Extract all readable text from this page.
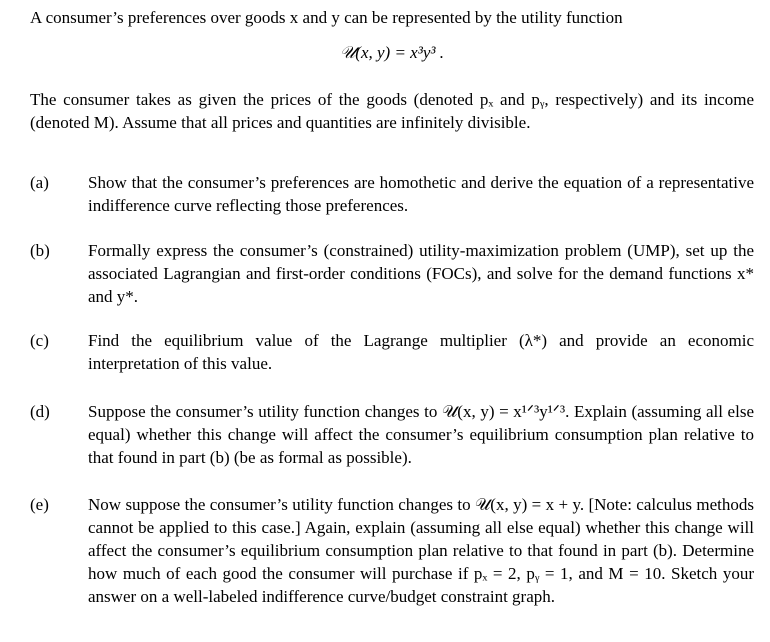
A consumer’s preferences over goods x and y can be represented by the utility function

𝒰(x, y) = x³y³ .

The consumer takes as given the prices of the goods (denoted pₓ and pᵧ, respectively) and its income (denoted M). Assume that all prices and quantities are infinitely divisible.

(a)	Show that the consumer’s preferences are homothetic and derive the equation of a representative indifference curve reflecting those preferences.
(b)	Formally express the consumer’s (constrained) utility-maximization problem (UMP), set up the associated Lagrangian and first-order conditions (FOCs), and solve for the demand functions x* and y*.
(c)	Find the equilibrium value of the Lagrange multiplier (λ*) and provide an economic interpretation of this value.
(d)	Suppose the consumer’s utility function changes to 𝒰(x, y) = x¹ᐟ³y¹ᐟ³. Explain (assuming all else equal) whether this change will affect the consumer’s equilibrium consumption plan relative to that found in part (b) (be as formal as possible).
(e)	Now suppose the consumer’s utility function changes to 𝒰(x, y) = x + y. [Note: calculus methods cannot be applied to this case.] Again, explain (assuming all else equal) whether this change will affect the consumer’s equilibrium consumption plan relative to that found in part (b). Determine how much of each good the consumer will purchase if pₓ = 2, pᵧ = 1, and M = 10. Sketch your answer on a well-labeled indifference curve/budget constraint graph.
